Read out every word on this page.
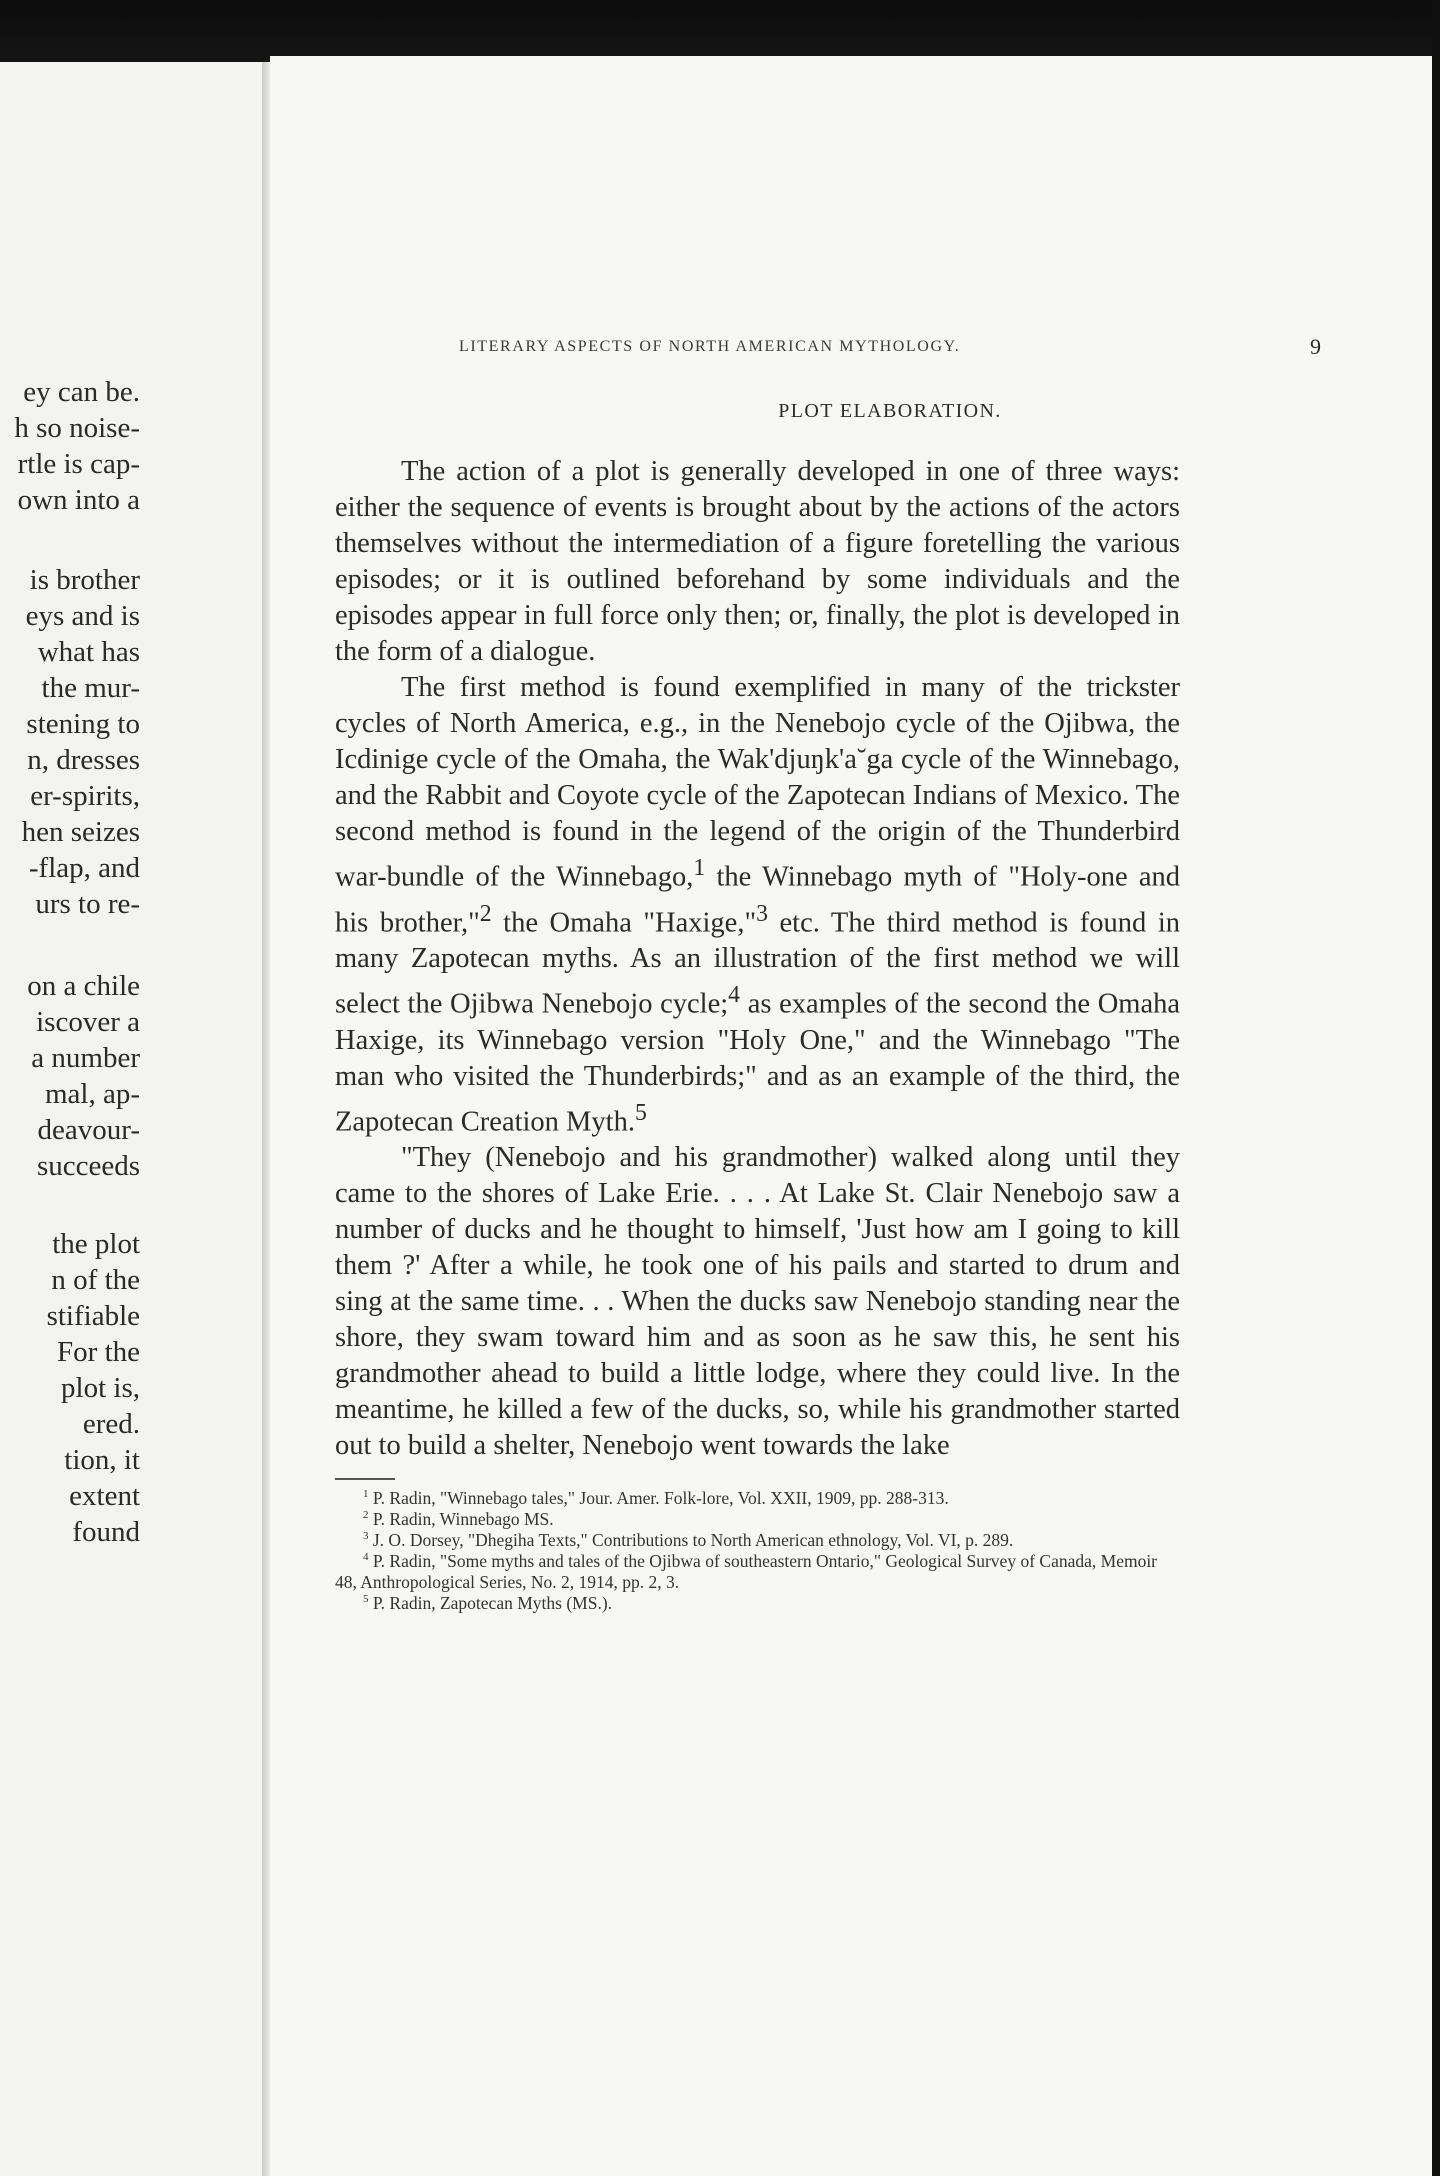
ey can be.
h so noise-
rtle is cap-
own into a
is brother
eys and is
what has
the mur-
stening to
n, dresses
er-spirits,
hen seizes
-flap, and
urs to re-
on a chile
iscover a
a number
mal, ap-
deavour-
succeeds
the plot
n of the
stifiable
For the
plot is,
ered.
tion, it
extent
found
LITERARY ASPECTS OF NORTH AMERICAN MYTHOLOGY.	9
PLOT ELABORATION.

The action of a plot is generally developed in one of three ways: either the sequence of events is brought about by the actions of the actors themselves without the intermediation of a figure foretelling the various episodes; or it is outlined beforehand by some individuals and the episodes appear in full force only then; or, finally, the plot is developed in the form of a dialogue.

The first method is found exemplified in many of the trickster cycles of North America, e.g., in the Nenebojo cycle of the Ojibwa, the Icdinige cycle of the Omaha, the Wak'djuŋk'a˘ga cycle of the Winnebago, and the Rabbit and Coyote cycle of the Zapotecan Indians of Mexico. The second method is found in the legend of the origin of the Thunderbird war-bundle of the Winnebago,$^1$ the Winnebago myth of "Holy-one and his brother,"$^2$ the Omaha "Haxige,"$^3$ etc. The third method is found in many Zapotecan myths. As an illustration of the first method we will select the Ojibwa Nenebojo cycle;$^4$ as examples of the second the Omaha Haxige, its Winnebago version "Holy One," and the Winnebago "The man who visited the Thunderbirds;" and as an example of the third, the Zapotecan Creation Myth.$^5$

"They (Nenebojo and his grandmother) walked along until they came to the shores of Lake Erie. . . . At Lake St. Clair Nenebojo saw a number of ducks and he thought to himself, 'Just how am I going to kill them ?' After a while, he took one of his pails and started to drum and sing at the same time. . . When the ducks saw Nenebojo standing near the shore, they swam toward him and as soon as he saw this, he sent his grandmother ahead to build a little lodge, where they could live. In the meantime, he killed a few of the ducks, so, while his grandmother started out to build a shelter, Nenebojo went towards the lake

$^1$ P. Radin, "Winnebago tales," Jour. Amer. Folk-lore, Vol. XXII, 1909, pp. 288-313.

$^2$ P. Radin, Winnebago MS.

$^3$ J. O. Dorsey, "Dhegiha Texts," Contributions to North American ethnology, Vol. VI, p. 289.

$^4$ P. Radin, "Some myths and tales of the Ojibwa of southeastern Ontario," Geological Survey of Canada, Memoir 48, Anthropological Series, No. 2, 1914, pp. 2, 3.

$^5$ P. Radin, Zapotecan Myths (MS.).
